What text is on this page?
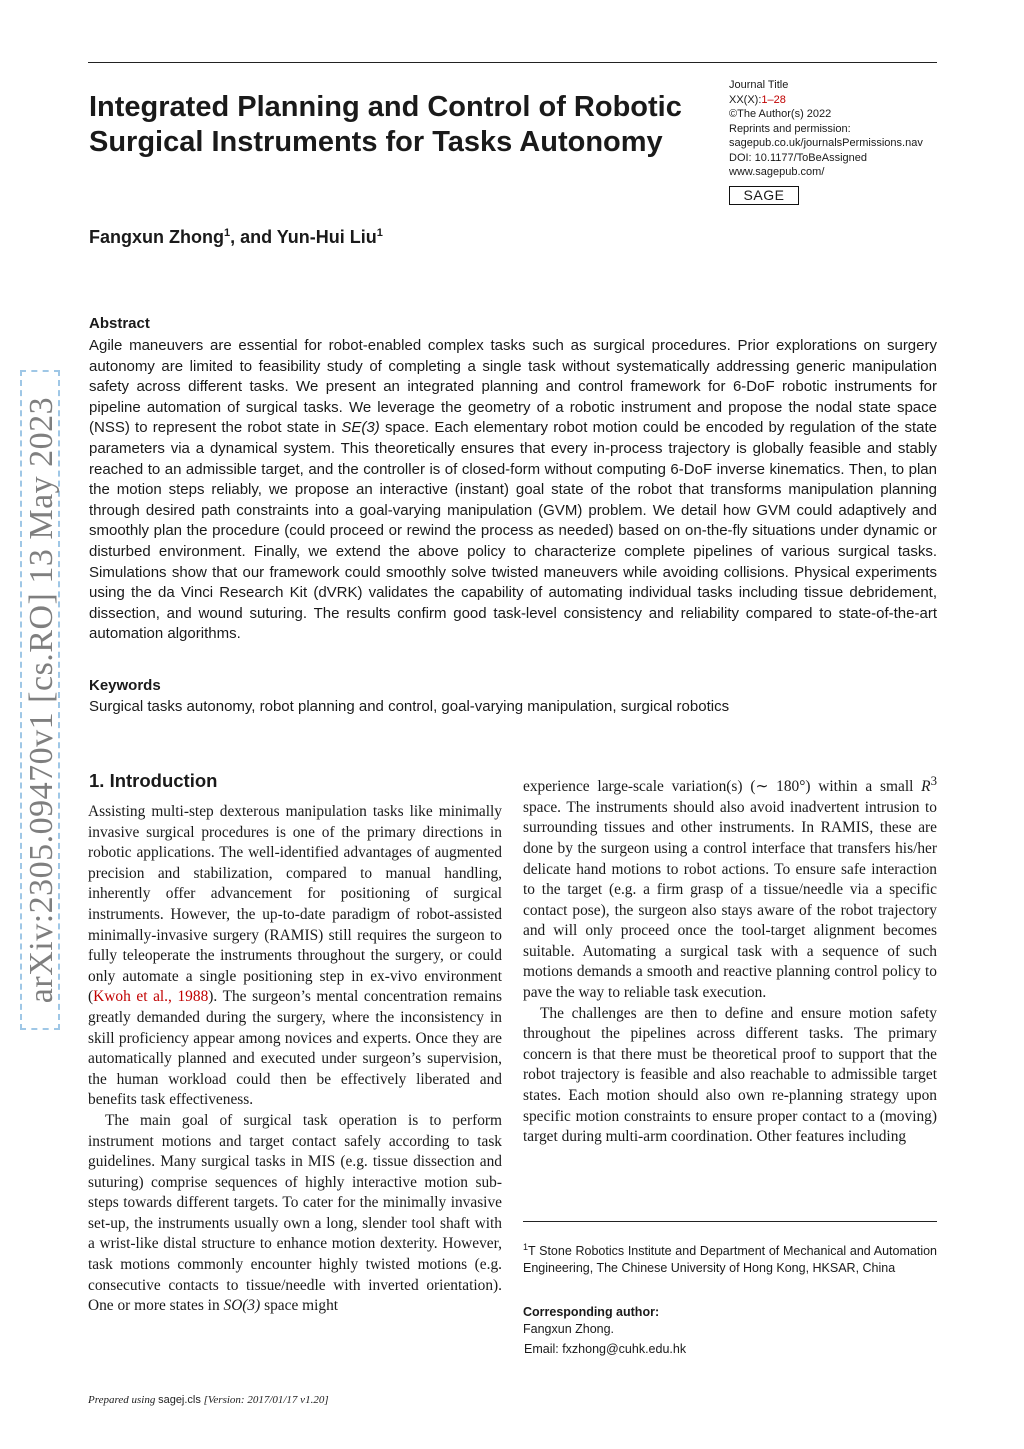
arXiv:2305.09470v1 [cs.RO] 13 May 2023
Integrated Planning and Control of Robotic Surgical Instruments for Tasks Autonomy
Journal Title
XX(X):1–28
©The Author(s) 2022
Reprints and permission:
sagepub.co.uk/journalsPermissions.nav
DOI: 10.1177/ToBeAssigned
www.sagepub.com/
SAGE
Fangxun Zhong$^1$, and Yun-Hui Liu$^1$
Abstract

Agile maneuvers are essential for robot-enabled complex tasks such as surgical procedures. Prior explorations on surgery autonomy are limited to feasibility study of completing a single task without systematically addressing generic manipulation safety across different tasks. We present an integrated planning and control framework for 6-DoF robotic instruments for pipeline automation of surgical tasks. We leverage the geometry of a robotic instrument and propose the nodal state space (NSS) to represent the robot state in SE(3) space. Each elementary robot motion could be encoded by regulation of the state parameters via a dynamical system. This theoretically ensures that every in-process trajectory is globally feasible and stably reached to an admissible target, and the controller is of closed-form without computing 6-DoF inverse kinematics. Then, to plan the motion steps reliably, we propose an interactive (instant) goal state of the robot that transforms manipulation planning through desired path constraints into a goal-varying manipulation (GVM) problem. We detail how GVM could adaptively and smoothly plan the procedure (could proceed or rewind the process as needed) based on on-the-fly situations under dynamic or disturbed environment. Finally, we extend the above policy to characterize complete pipelines of various surgical tasks. Simulations show that our framework could smoothly solve twisted maneuvers while avoiding collisions. Physical experiments using the da Vinci Research Kit (dVRK) validates the capability of automating individual tasks including tissue debridement, dissection, and wound suturing. The results confirm good task-level consistency and reliability compared to state-of-the-art automation algorithms.

Keywords
Surgical tasks autonomy, robot planning and control, goal-varying manipulation, surgical robotics
1. Introduction

Assisting multi-step dexterous manipulation tasks like minimally invasive surgical procedures is one of the primary directions in robotic applications. The well-identified advantages of augmented precision and stabilization, compared to manual handling, inherently offer advancement for positioning of surgical instruments. However, the up-to-date paradigm of robot-assisted minimally-invasive surgery (RAMIS) still requires the surgeon to fully teleoperate the instruments throughout the surgery, or could only automate a single positioning step in ex-vivo environment (Kwoh et al., 1988). The surgeon’s mental concentration remains greatly demanded during the surgery, where the inconsistency in skill proficiency appear among novices and experts. Once they are automatically planned and executed under surgeon’s supervision, the human workload could then be effectively liberated and benefits task effectiveness.

The main goal of surgical task operation is to perform instrument motions and target contact safely according to task guidelines. Many surgical tasks in MIS (e.g. tissue dissection and suturing) comprise sequences of highly interactive motion sub-steps towards different targets. To cater for the minimally invasive set-up, the instruments usually own a long, slender tool shaft with a wrist-like distal structure to enhance motion dexterity. However, task motions commonly encounter highly twisted motions (e.g. consecutive contacts to tissue/needle with inverted orientation). One or more states in SO(3) space might

experience large-scale variation(s) (∼ 180°) within a small $R^3$ space. The instruments should also avoid inadvertent intrusion to surrounding tissues and other instruments. In RAMIS, these are done by the surgeon using a control interface that transfers his/her delicate hand motions to robot actions. To ensure safe interaction to the target (e.g. a firm grasp of a tissue/needle via a specific contact pose), the surgeon also stays aware of the robot trajectory and will only proceed once the tool-target alignment becomes suitable. Automating a surgical task with a sequence of such motions demands a smooth and reactive planning control policy to pave the way to reliable task execution.

The challenges are then to define and ensure motion safety throughout the pipelines across different tasks. The primary concern is that there must be theoretical proof to support that the robot trajectory is feasible and also reachable to admissible target states. Each motion should also own re-planning strategy upon specific motion constraints to ensure proper contact to a (moving) target during multi-arm coordination. Other features including

$^1$T Stone Robotics Institute and Department of Mechanical and Automation Engineering, The Chinese University of Hong Kong, HKSAR, China
Corresponding author:
Fangxun Zhong.
Email: fxzhong@cuhk.edu.hk
Prepared using sagej.cls [Version: 2017/01/17 v1.20]
